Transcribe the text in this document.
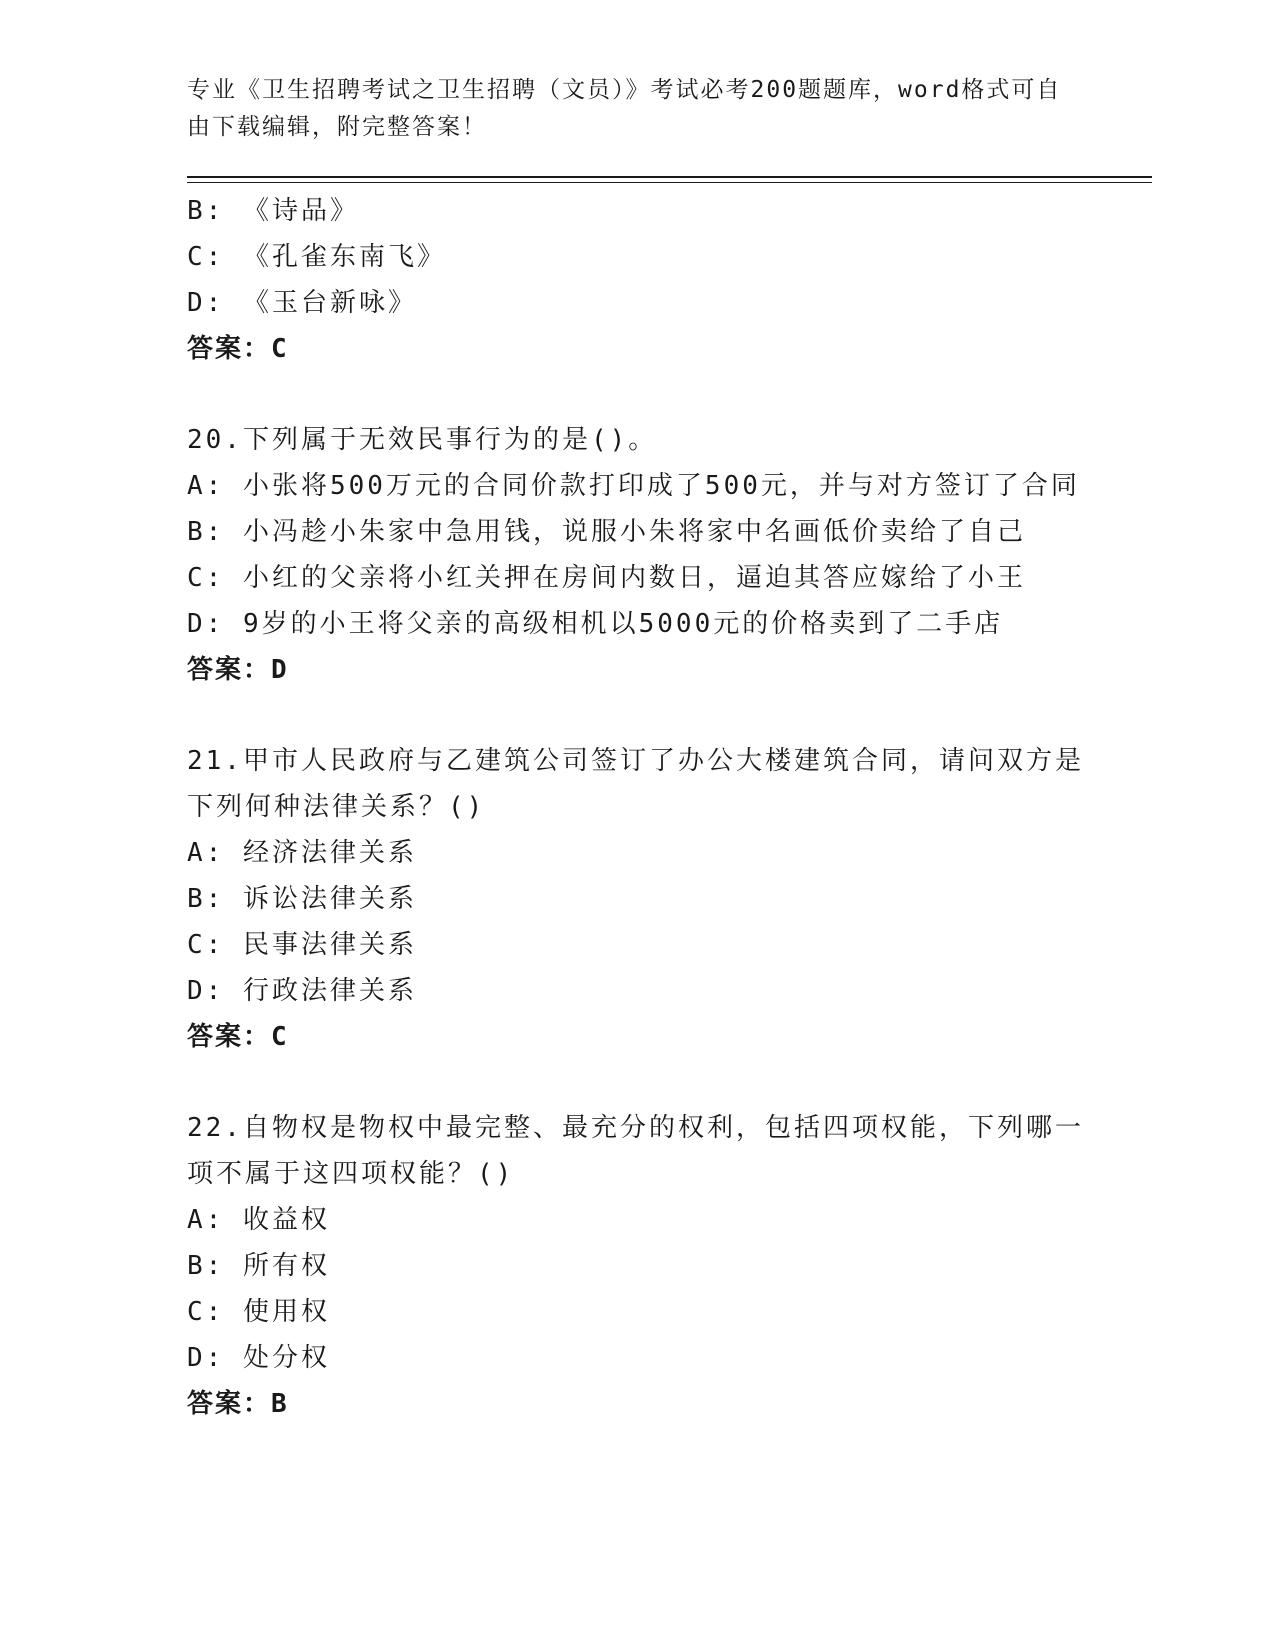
专业《卫生招聘考试之卫生招聘（文员）》考试必考200题题库，word格式可自
由下载编辑，附完整答案！
B: 《诗品》
C: 《孔雀东南飞》
D: 《玉台新咏》
答案：C
20.下列属于无效民事行为的是()。
A: 小张将500万元的合同价款打印成了500元，并与对方签订了合同
B: 小冯趁小朱家中急用钱，说服小朱将家中名画低价卖给了自己
C: 小红的父亲将小红关押在房间内数日，逼迫其答应嫁给了小王
D: 9岁的小王将父亲的高级相机以5000元的价格卖到了二手店
答案：D
21.甲市人民政府与乙建筑公司签订了办公大楼建筑合同，请问双方是
下列何种法律关系？()
A: 经济法律关系
B: 诉讼法律关系
C: 民事法律关系
D: 行政法律关系
答案：C
22.自物权是物权中最完整、最充分的权利，包括四项权能，下列哪一
项不属于这四项权能？()
A: 收益权
B: 所有权
C: 使用权
D: 处分权
答案：B
